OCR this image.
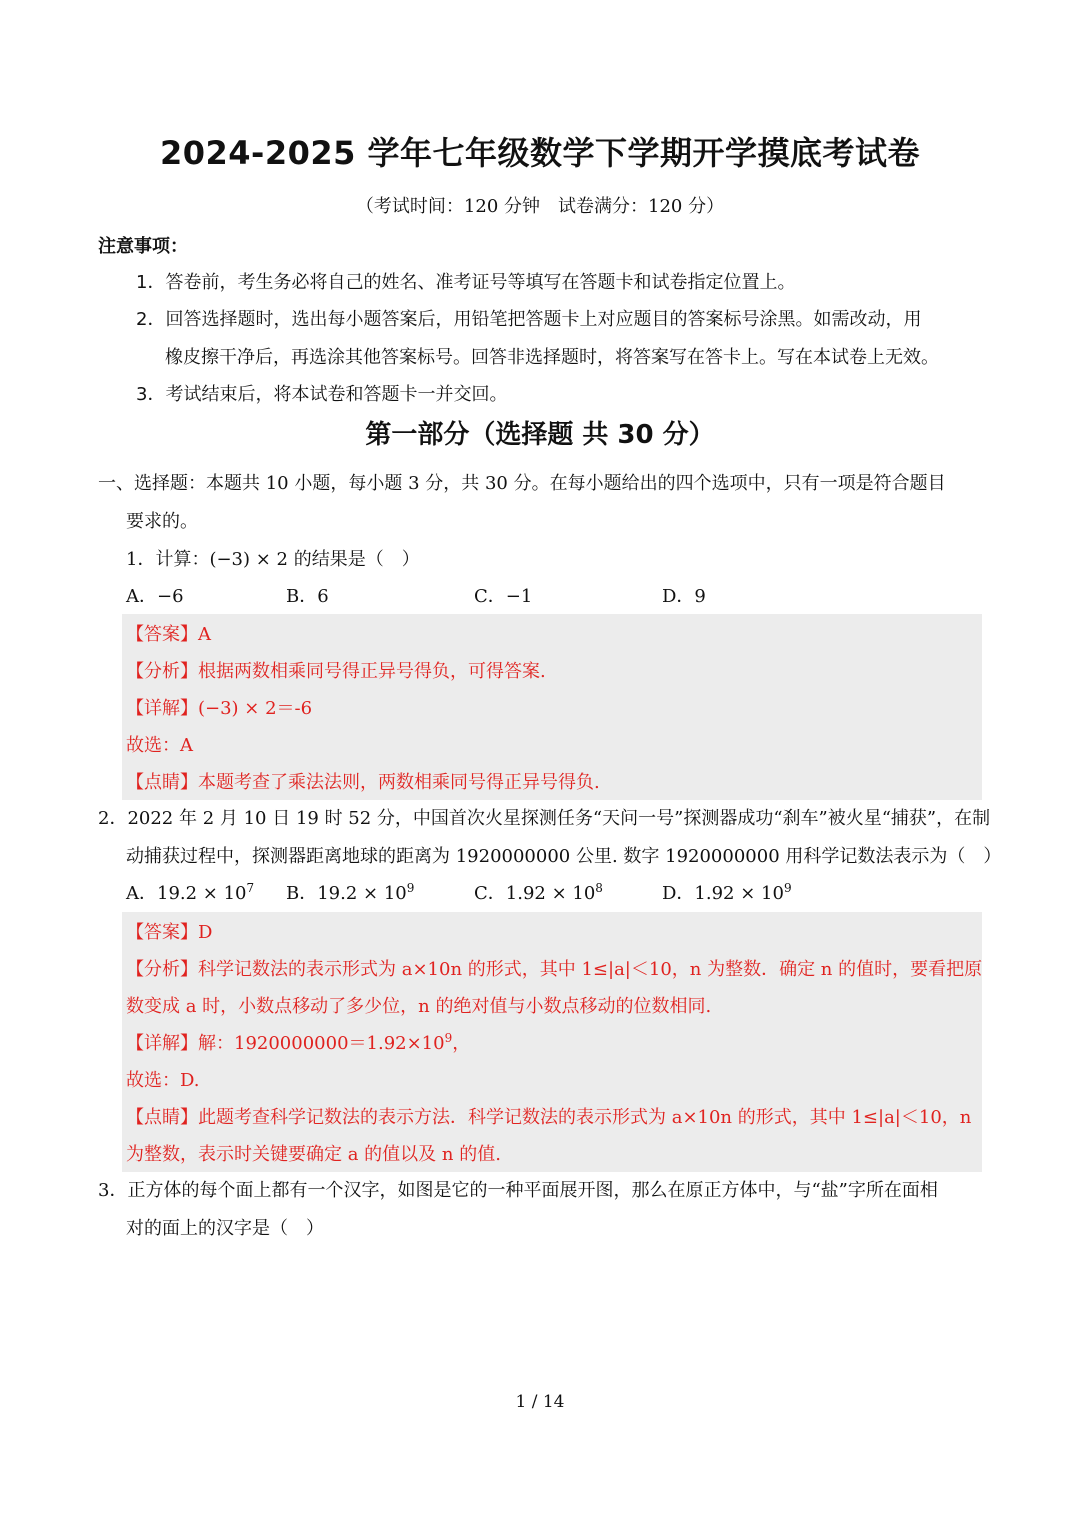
2024-2025 学年七年级数学下学期开学摸底考试卷
（考试时间：120 分钟　试卷满分：120 分）
注意事项：
1．答卷前，考生务必将自己的姓名、准考证号等填写在答题卡和试卷指定位置上。
2．回答选择题时，选出每小题答案后，用铅笔把答题卡上对应题目的答案标号涂黑。如需改动，用
橡皮擦干净后，再选涂其他答案标号。回答非选择题时，将答案写在答卡上。写在本试卷上无效。
3．考试结束后，将本试卷和答题卡一并交回。
第一部分（选择题 共 30 分）
一、选择题：本题共 10 小题，每小题 3 分，共 30 分。在每小题给出的四个选项中，只有一项是符合题目
要求的。
1．计算：(−3) × 2 的结果是（　）
A．−6	B．6	C．−1	D．9
【答案】A
【分析】根据两数相乘同号得正异号得负，可得答案.
【详解】(−3) × 2＝-6
故选：A
【点睛】本题考查了乘法法则，两数相乘同号得正异号得负.
2．2022 年 2 月 10 日 19 时 52 分，中国首次火星探测任务“天问一号”探测器成功“刹车”被火星“捕获”，在制
动捕获过程中，探测器距离地球的距离为 1920000000 公里. 数字 1920000000 用科学记数法表示为（　）
A．$19.2 \times 10^7$ B．$19.2 \times 10^9$	C．$1.92 \times 10^8$	D．$1.92 \times 10^9$
【答案】D
【分析】科学记数法的表示形式为 a×10n 的形式，其中 1≤|a|＜10，n 为整数．确定 n 的值时，要看把原
数变成 a 时，小数点移动了多少位，n 的绝对值与小数点移动的位数相同.
【详解】解：$1920000000=1.92\times 10^9$，
故选：D.
【点睛】此题考查科学记数法的表示方法．科学记数法的表示形式为 a×10n 的形式，其中 1≤|a|＜10，n
为整数，表示时关键要确定 a 的值以及 n 的值.
3．正方体的每个面上都有一个汉字，如图是它的一种平面展开图，那么在原正方体中，与“盐”字所在面相
对的面上的汉字是（　）
1 / 14
